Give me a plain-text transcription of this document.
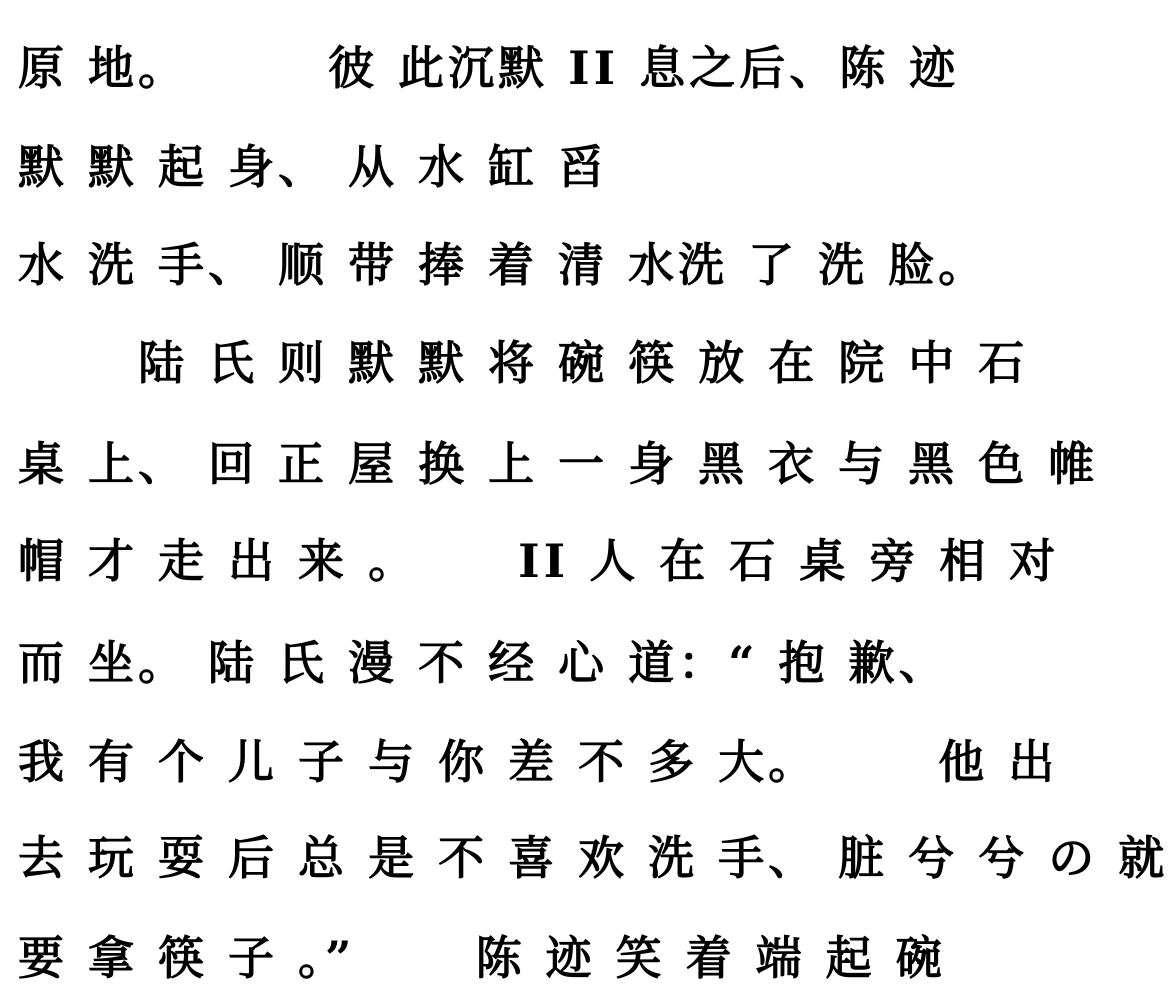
原 地。       彼 此沉默 II 息之后、陈 迹
默 默 起 身、 从 水 缸 舀
水 洗 手、 顺 带 捧 着 清 水洗 了 洗 脸。
陆 氏 则 默 默 将 碗 筷 放 在 院 中 石
桌 上、 回 正 屋 换 上 一 身 黑 衣 与 黑 色 帷
帽 才 走 出 来 。     II 人 在 石 桌 旁 相 对
而 坐。 陆 氏 漫 不 经 心 道：“ 抱 歉、
我 有 个 儿 子 与 你 差 不 多 大。      他 出
去 玩 耍 后 总 是 不 喜 欢 洗 手、 脏 兮 兮 の 就
要 拿 筷 子 。”      陈 迹 笑 着 端 起 碗
